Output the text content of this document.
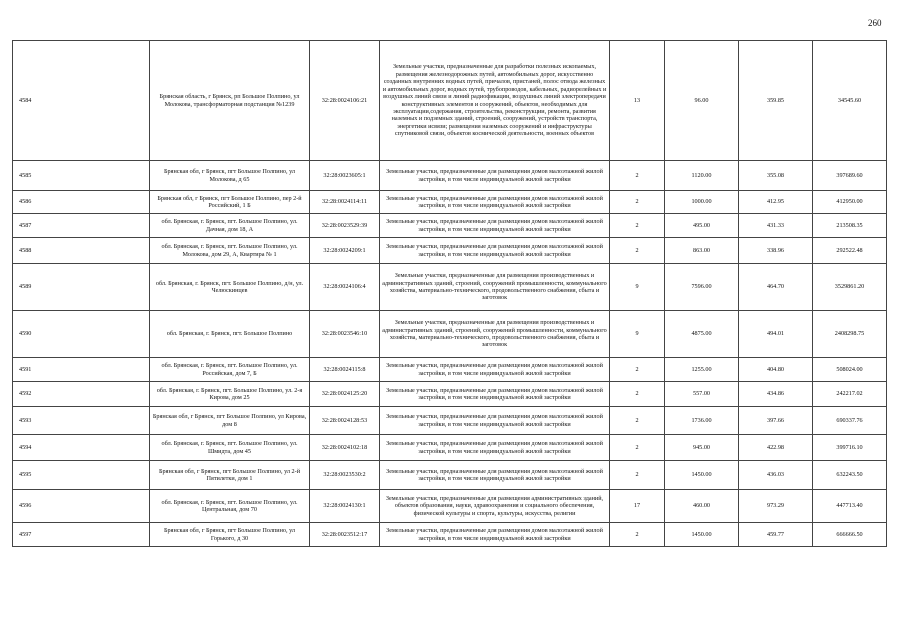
260
4584	Брянская область, г Брянск, рп Большое Полпино, ул Молокова, трансформаторная подстанция №1239	32:28:0024106:21	Земельные участки, предназначенные для разработки полезных ископаемых, размещения железнодорожных путей, автомобильных дорог, искусственно созданных внутренних водных путей, причалов, пристаней, полос отвода железных и автомобильных дорог, водных путей, трубопроводов, кабельных, радиорелейных и воздушных линий связи и линий радиофикации, воздушных линий электропередачи конструктивных элементов и сооружений, объектов, необходимых для эксплуатации,содержания, строительства, реконструкции, ремонта, развития наземных и подземных зданий, строений, сооружений, устройств транспорта, энергетики исвязи; размещения наземных сооружений и инфраструктуры спутниковой связи, объектов космической деятельности, военных объектов	13	96.00	359.85	34545.60
4585	Брянская обл, г Брянск, пгт Большое Полпино, ул Молокова, д 65	32:28:0023605:1	Земельные участки, предназначенные для размещения домов малоэтажной жилой застройки, в том числе индивидуальной жилой застройки	2	1120.00	355.08	397689.60
4586	Брянская обл, г Брянск, пгт Большое Полпино, пер 2-й Российский, 1 Б	32:28:0024114:11	Земельные участки, предназначенные для размещения домов малоэтажной жилой застройки, в том числе индивидуальной жилой застройки	2	1000.00	412.95	412950.00
4587	обл. Брянская, г. Брянск, пгт. Большое Полпино, ул. Дачная, дом 18, А	32:28:0023529:39	Земельные участки, предназначенные для размещения домов малоэтажной жилой застройки, в том числе индивидуальной жилой застройки	2	495.00	431.33	213508.35
4588	обл. Брянская, г. Брянск, пгт. Большое Полпино, ул. Молокова, дом 29, А, Квартира № 1	32:28:0024209:1	Земельные участки, предназначенные для размещения домов малоэтажной жилой застройки, в том числе индивидуальной жилой застройки	2	863.00	338.96	292522.48
4589	обл. Брянская, г. Брянск, пгт. Большое Полпино, д/н, ул. Челюскинцев	32:28:0024106:4	Земельные участки, предназначенные для размещения производственных и административных зданий, строений, сооружений промышленности, коммунального хозяйства, материально-технического, продовольственного снабжения, сбыта и заготовок	9	7596.00	464.70	3529861.20
4590	обл. Брянская, г. Брянск, пгт. Большое Полпино	32:28:0023546:10	Земельные участки, предназначенные для размещения производственных и административных зданий, строений, сооружений промышленности, коммунального хозяйства, материально-технического, продовольственного снабжения, сбыта и заготовок	9	4875.00	494.01	2408298.75
4591	обл. Брянская, г. Брянск, пгт. Большое Полпино, ул. Российская, дом 7, Б	32:28:0024115:8	Земельные участки, предназначенные для размещения домов малоэтажной жилой застройки, в том числе индивидуальной жилой застройки	2	1255.00	404.80	508024.00
4592	обл. Брянская, г. Брянск, пгт. Большое Полпино, ул. 2-я Кирова, дом 25	32:28:0024125:20	Земельные участки, предназначенные для размещения домов малоэтажной жилой застройки, в том числе индивидуальной жилой застройки	2	557.00	434.86	242217.02
4593	Брянская обл, г Брянск, пгт Большое Полпино, ул Кирова, дом 8	32:28:0024128:53	Земельные участки, предназначенные для размещения домов малоэтажной жилой застройки, в том числе индивидуальной жилой застройки	2	1736.00	397.66	690337.76
4594	обл. Брянская, г. Брянск, пгт. Большое Полпино, ул. Шмидта, дом 45	32:28:0024102:18	Земельные участки, предназначенные для размещения домов малоэтажной жилой застройки, в том числе индивидуальной жилой застройки	2	945.00	422.98	399716.10
4595	Брянская обл, г Брянск, пгт Большое Полпино, ул 2-й Пятилетки, дом 1	32:28:0023530:2	Земельные участки, предназначенные для размещения домов малоэтажной жилой застройки, в том числе индивидуальной жилой застройки	2	1450.00	436.03	632243.50
4596	обл. Брянская, г. Брянск, пгт. Большое Полпино, ул. Центральная, дом 70	32:28:0024130:1	Земельные участки, предназначенные для размещения административных зданий, объектов образования, науки, здравоохранения и социального обеспечения, физической культуры и спорта, культуры, искусства, религии	17	460.00	973.29	447713.40
4597	Брянская обл, г Брянск, пгт Большое Полпино, ул Горького, д 30	32:28:0023512:17	Земельные участки, предназначенные для размещения домов малоэтажной жилой застройки, в том числе индивидуальной жилой застройки	2	1450.00	459.77	666666.50
